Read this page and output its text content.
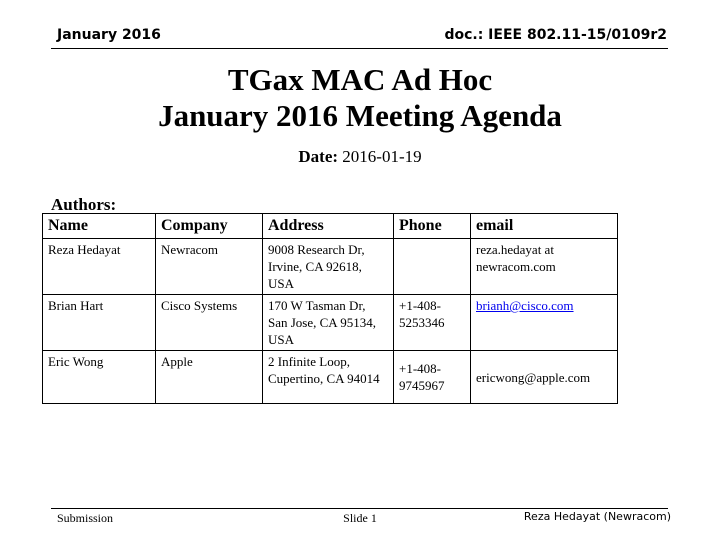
January 2016	doc.: IEEE 802.11-15/0109r2
TGax MAC Ad Hoc
January 2016 Meeting Agenda
Date: 2016-01-19
Authors:
Name	Company	Address	Phone	email
Reza Hedayat	Newracom	9008 Research Dr, Irvine, CA 92618, USA		reza.hedayat at newracom.com
Brian Hart	Cisco Systems	170 W Tasman Dr, San Jose, CA 95134, USA	+1-408-5253346	brianh@cisco.com
Eric Wong	Apple	2 Infinite Loop, Cupertino, CA 94014	+1-408-9745967	ericwong@apple.com
Submission	Slide 1	Reza Hedayat (Newracom)
